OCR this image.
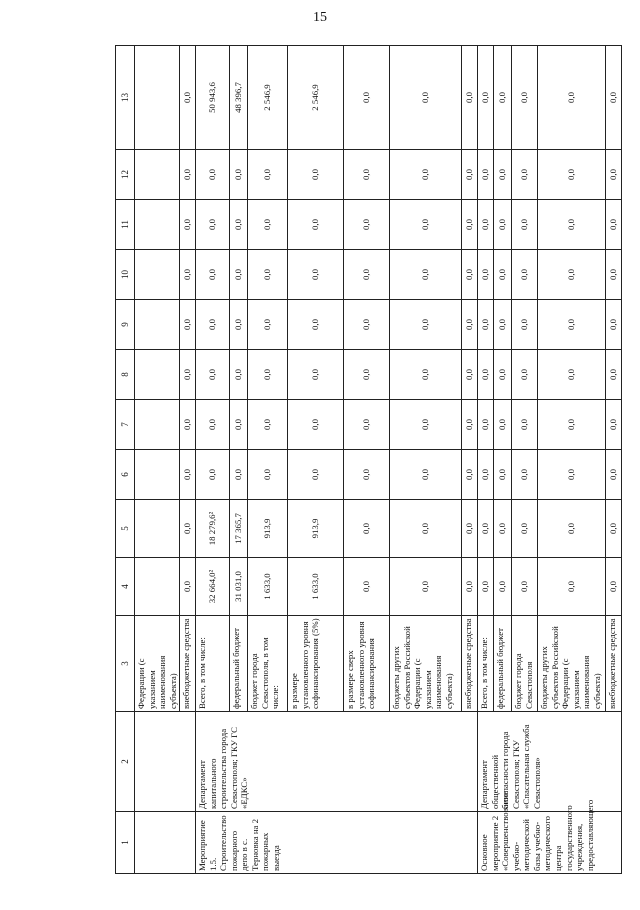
15
1	2	3	4	5	6	7	8	9	10	11	12	13
		Федерации (с указанием наименования субъекта)										
		внебюджетные средства	0,0	0,0	0,0	0,0	0,0	0,0	0,0	0,0	0,0	0,0
Мероприятие 1.5. Строительство пожарного депо в с. Терновка на 2 пожарных выезда	Департамент капитального строительства города Севастополя; ГКУ ГС «ЕДКС»	Всего, в том числе:	32 664,0²	18 279,6²	0,0	0,0	0,0	0,0	0,0	0,0	0,0	50 943,6
		федеральный бюджет	31 031,0	17 365,7	0,0	0,0	0,0	0,0	0,0	0,0	0,0	48 396,7
		бюджет города Севастополя, в том числе:	1 633,0	913,9	0,0	0,0	0,0	0,0	0,0	0,0	0,0	2 546,9
		в размере установленного уровня софинансирования (5%)	1 633,0	913,9	0,0	0,0	0,0	0,0	0,0	0,0	0,0	2 546,9
		в размере сверх установленного уровня софинансирования	0,0	0,0	0,0	0,0	0,0	0,0	0,0	0,0	0,0	0,0
		бюджеты других субъектов Российской Федерации (с указанием наименования субъекта)	0,0	0,0	0,0	0,0	0,0	0,0	0,0	0,0	0,0	0,0
		внебюджетные средства	0,0	0,0	0,0	0,0	0,0	0,0	0,0	0,0	0,0	0,0
Основное мероприятие 2 «Совершенствование учебно-методической базы учебно-методического центра государственного учреждения, предоставляющего	Департамент общественной безопасности города Севастополя; ГКУ «Спасательная служба Севастополя»	Всего, в том числе:	0,0	0,0	0,0	0,0	0,0	0,0	0,0	0,0	0,0	0,0
		федеральный бюджет	0,0	0,0	0,0	0,0	0,0	0,0	0,0	0,0	0,0	0,0
		бюджет города Севастополя	0,0	0,0	0,0	0,0	0,0	0,0	0,0	0,0	0,0	0,0
		бюджеты других субъектов Российской Федерации (с указанием наименования субъекта)	0,0	0,0	0,0	0,0	0,0	0,0	0,0	0,0	0,0	0,0
		внебюджетные средства	0,0	0,0	0,0	0,0	0,0	0,0	0,0	0,0	0,0	0,0
